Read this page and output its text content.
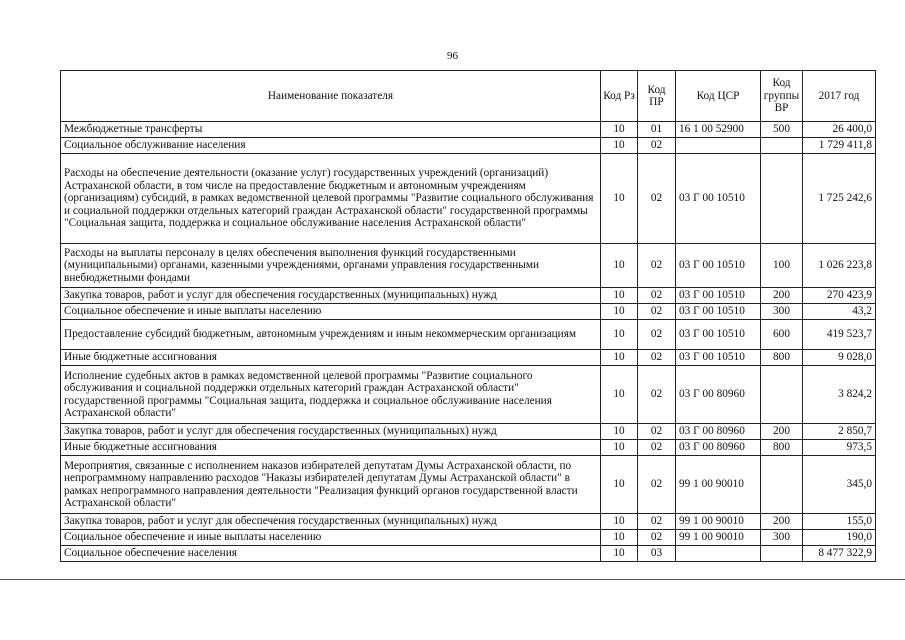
96
Наименование показателя	Код Рз	Код ПР	Код ЦСР	Код группы ВР	2017 год
Межбюджетные трансферты	10	01	16 1 00 52900	500	26 400,0
Социальное обслуживание населения	10	02			1 729 411,8
Расходы на обеспечение деятельности (оказание услуг) государственных учреждений (организаций) Астраханской области, в том числе на предоставление бюджетным и автономным учреждениям (организациям) субсидий, в рамках ведомственной целевой программы "Развитие социального обслуживания и социальной поддержки отдельных категорий граждан Астраханской области" государственной программы "Социальная защита, поддержка и социальное обслуживание населения Астраханской области"	10	02	03 Г 00 10510		1 725 242,6
Расходы на выплаты персоналу в целях обеспечения выполнения функций государственными (муниципальными) органами, казенными учреждениями, органами управления государственными внебюджетными фондами	10	02	03 Г 00 10510	100	1 026 223,8
Закупка товаров, работ и услуг для обеспечения государственных (муниципальных) нужд	10	02	03 Г 00 10510	200	270 423,9
Социальное обеспечение и иные выплаты населению	10	02	03 Г 00 10510	300	43,2
Предоставление субсидий бюджетным, автономным учреждениям и иным некоммерческим организациям	10	02	03 Г 00 10510	600	419 523,7
Иные бюджетные ассигнования	10	02	03 Г 00 10510	800	9 028,0
Исполнение судебных актов в рамках ведомственной целевой программы "Развитие социального обслуживания и социальной поддержки отдельных категорий граждан Астраханской области" государственной программы "Социальная защита, поддержка и социальное обслуживание населения Астраханской области"	10	02	03 Г 00 80960		3 824,2
Закупка товаров, работ и услуг для обеспечения государственных (муниципальных) нужд	10	02	03 Г 00 80960	200	2 850,7
Иные бюджетные ассигнования	10	02	03 Г 00 80960	800	973,5
Мероприятия, связанные с исполнением наказов избирателей депутатам Думы Астраханской области, по непрограммному направлению расходов "Наказы избирателей депутатам Думы Астраханской области" в рамках непрограммного направления деятельности "Реализация функций органов государственной власти Астраханской области"	10	02	99 1 00 90010		345,0
Закупка товаров, работ и услуг для обеспечения государственных (муниципальных) нужд	10	02	99 1 00 90010	200	155,0
Социальное обеспечение и иные выплаты населению	10	02	99 1 00 90010	300	190,0
Социальное обеспечение населения	10	03			8 477 322,9
